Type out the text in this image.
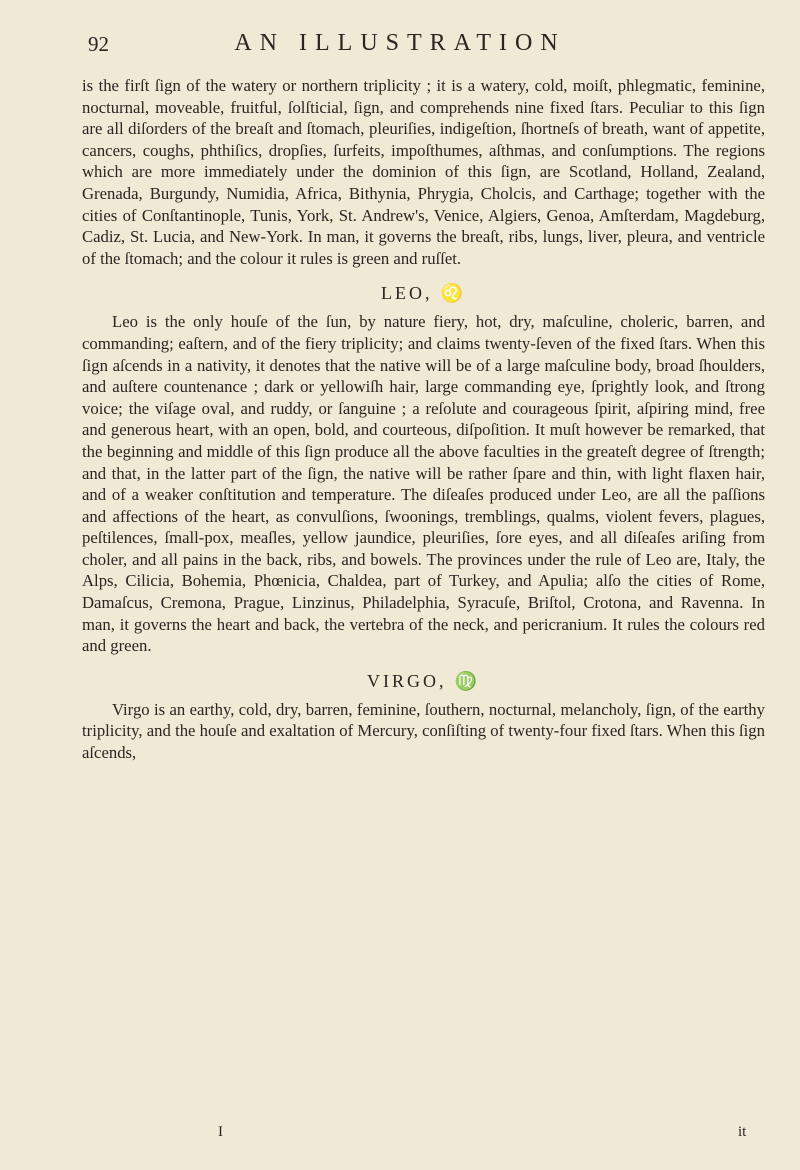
92	AN ILLUSTRATION

is the firſt ſign of the watery or northern triplicity ; it is a watery, cold, moiſt, phlegmatic, feminine, nocturnal, moveable, fruitful, ſolſticial, ſign, and comprehends nine fixed ſtars. Peculiar to this ſign are all diſorders of the breaſt and ſtomach, pleuriſies, indigeſtion, ſhortneſs of breath, want of appetite, cancers, coughs, phthiſics, dropſies, ſurfeits, impoſthumes, aſthmas, and conſumptions. The regions which are more immediately under the dominion of this ſign, are Scotland, Holland, Zealand, Grenada, Burgundy, Numidia, Africa, Bithynia, Phrygia, Cholcis, and Carthage; together with the cities of Conſtantinople, Tunis, York, St. Andrew's, Venice, Algiers, Genoa, Amſterdam, Magdeburg, Cadiz, St. Lucia, and New-York. In man, it governs the breaſt, ribs, lungs, liver, pleura, and ventricle of the ſtomach; and the colour it rules is green and ruſſet.

LEO, ♌

Leo is the only houſe of the ſun, by nature fiery, hot, dry, maſculine, choleric, barren, and commanding; eaſtern, and of the fiery triplicity; and claims twenty-ſeven of the fixed ſtars. When this ſign aſcends in a nativity, it denotes that the native will be of a large maſculine body, broad ſhoulders, and auſtere countenance ; dark or yellowiſh hair, large commanding eye, ſprightly look, and ſtrong voice; the viſage oval, and ruddy, or ſanguine ; a reſolute and courageous ſpirit, aſpiring mind, free and generous heart, with an open, bold, and courteous, diſpoſition. It muſt however be remarked, that the beginning and middle of this ſign produce all the above faculties in the greateſt degree of ſtrength; and that, in the latter part of the ſign, the native will be rather ſpare and thin, with light flaxen hair, and of a weaker conſtitution and temperature. The diſeaſes produced under Leo, are all the paſſions and affections of the heart, as convulſions, ſwoonings, tremblings, qualms, violent fevers, plagues, peſtilences, ſmall-pox, meaſles, yellow jaundice, pleuriſies, ſore eyes, and all diſeaſes ariſing from choler, and all pains in the back, ribs, and bowels. The provinces under the rule of Leo are, Italy, the Alps, Cilicia, Bohemia, Phœnicia, Chaldea, part of Turkey, and Apulia; alſo the cities of Rome, Damaſcus, Cremona, Prague, Linzinus, Philadelphia, Syracuſe, Briſtol, Crotona, and Ravenna. In man, it governs the heart and back, the vertebra of the neck, and pericranium. It rules the colours red and green.

VIRGO, ♍

Virgo is an earthy, cold, dry, barren, feminine, ſouthern, nocturnal, melancholy, ſign, of the earthy triplicity, and the houſe and exaltation of Mercury, conſiſting of twenty-four fixed ſtars. When this ſign aſcends,

I	it
